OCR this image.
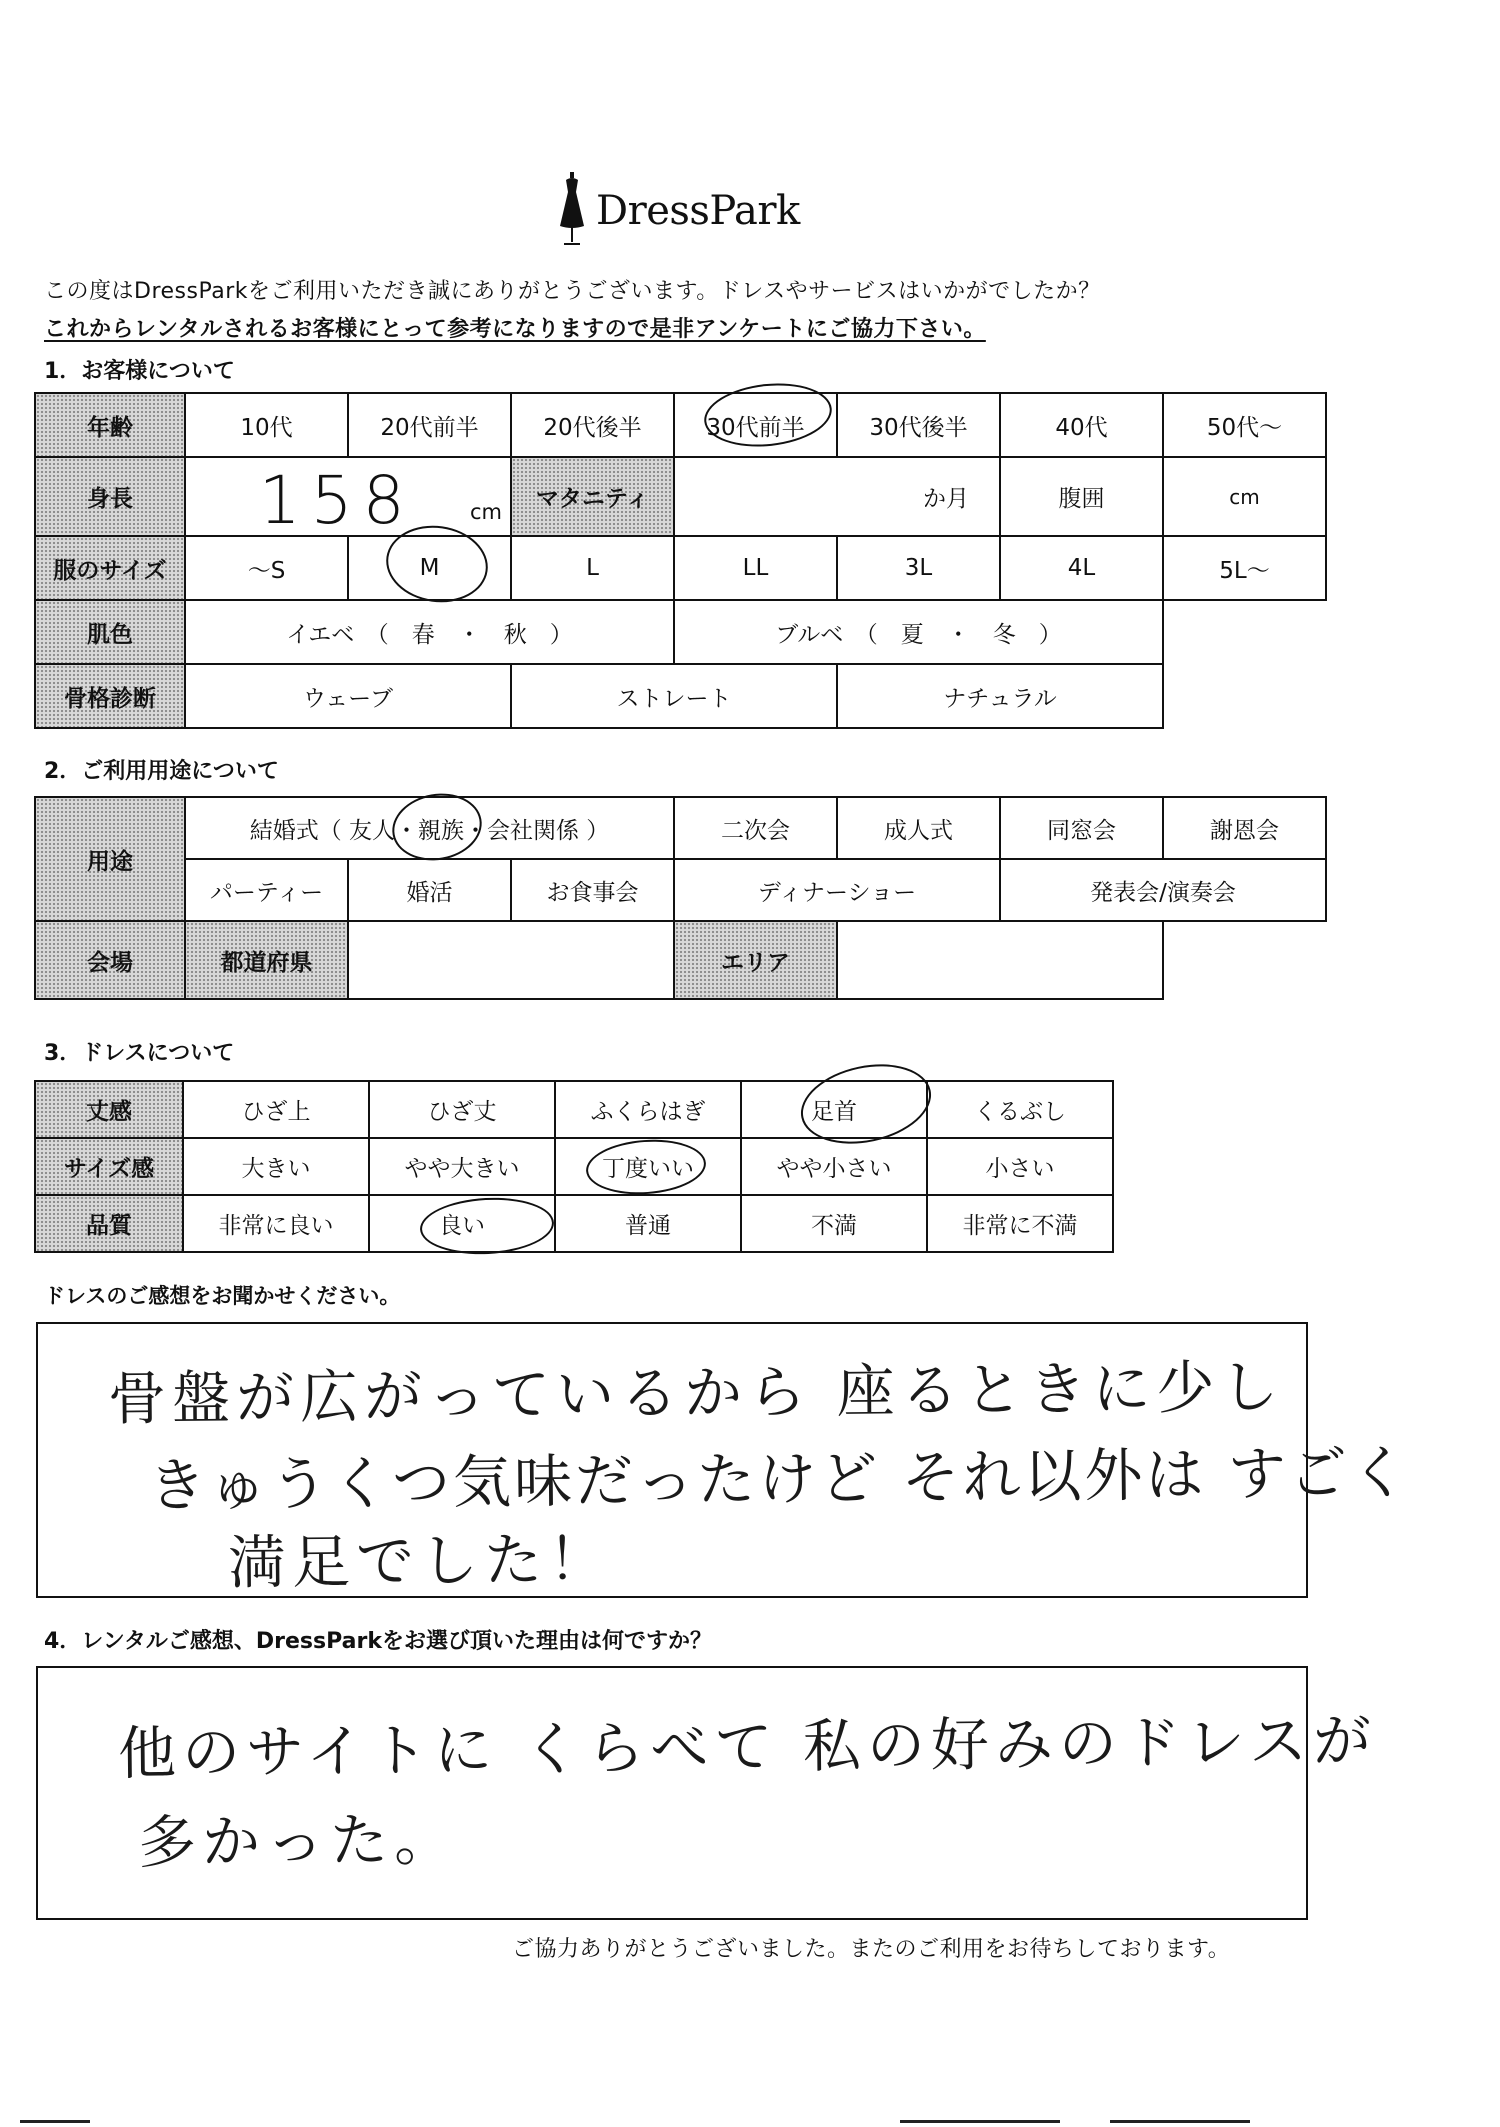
DressPark
この度はDressParkをご利用いただき誠にありがとうございます。ドレスやサービスはいかがでしたか？
これからレンタルされるお客様にとって参考になりますので是非アンケートにご協力下さい。
1．お客様について
年齢	10代	20代前半	20代後半	30代前半	30代後半	40代	50代～
身長	158 cm		マタニティ	か月		腹囲	cm
服のサイズ	～S	M	L	LL	3L	4L	5L～
肌色	イエベ　（　春　・　秋　）			ブルベ　（　夏　・　冬　）			
骨格診断	ウェーブ		ストレート		ナチュラル		
2．ご利用用途について
用途	結婚式（ 友人・親族・会社関係 ）			二次会	成人式	同窓会	謝恩会
	パーティー	婚活	お食事会	ディナーショー		発表会/演奏会	
会場	都道府県			エリア			
3．ドレスについて
丈感	ひざ上	ひざ丈	ふくらはぎ	足首	くるぶし
サイズ感	大きい	やや大きい	丁度いい	やや小さい	小さい
品質	非常に良い	良い	普通	不満	非常に不満
ドレスのご感想をお聞かせください。
骨盤が広がっているから 座るときに少し
きゅうくつ気味だったけど それ以外は すごく
満足でした！
4．レンタルご感想、DressParkをお選び頂いた理由は何ですか？
他のサイトに くらべて 私の好みのドレスが
多かった。
ご協力ありがとうございました。またのご利用をお待ちしております。
